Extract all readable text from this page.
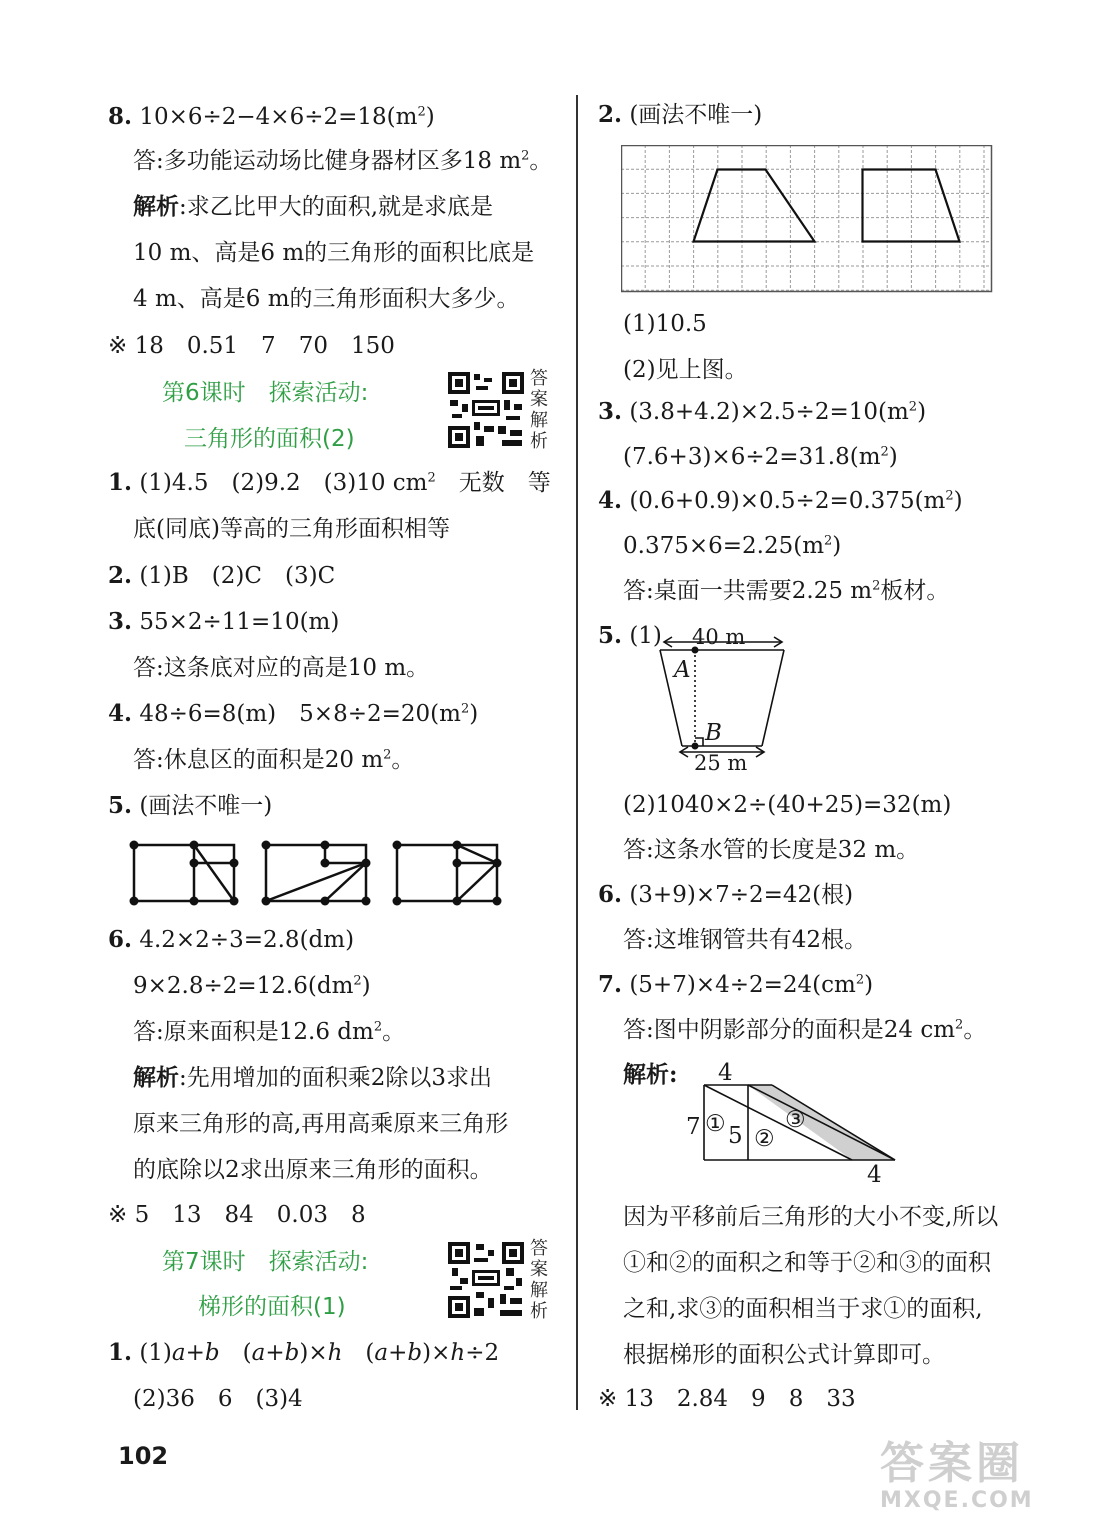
8. $10\times 6\div 2-4\times 6\div 2=18(m^2)$
答:多功能运动场比健身器材区多18 $m^2$。
解析:求乙比甲大的面积,就是求底是
10 m、高是6 m的三角形的面积比底是
4 m、高是6 m的三角形面积大多少。
※ 18　0.51　7　70　150
第6课时　探索活动:
三角形的面积(2)
答案解析
1. (1)4.5　(2)9.2　(3)10 $cm^2$　无数　等
底(同底)等高的三角形面积相等
2. (1)B　(2)C　(3)C
3. 55×2÷11=10(m)
答:这条底对应的高是10 m。
4. 48÷6=8(m)　$5\times 8\div 2=20(m^2)$
答:休息区的面积是20 $m^2$。
5. (画法不唯一)
6. 4.2×2÷3=2.8(dm)
$9\times 2.8\div 2=12.6(dm^2)$
答:原来面积是12.6 $dm^2$。
解析:先用增加的面积乘2除以3求出
原来三角形的高,再用高乘原来三角形
的底除以2求出原来三角形的面积。
※ 5　13　84　0.03　8
第7课时　探索活动:
梯形的面积(1)
答案解析
1. (1)a+b　(a+b)×h　(a+b)×h÷2
(2)36　6　(3)4
2. (画法不唯一)
(1)10.5
(2)见上图。
3. $(3.8+4.2)\times 2.5\div 2=10(m^2)$
$(7.6+3)\times 6\div 2=31.8(m^2)$
4. $(0.6+0.9)\times 0.5\div 2=0.375(m^2)$
$0.375\times 6=2.25(m^2)$
答:桌面一共需要2.25 $m^2$板材。
5. (1) 40 m
A
B
25 m
(2)1040×2÷(40+25)=32(m)
答:这条水管的长度是32 m。
6. (3+9)×7÷2=42(根)
答:这堆钢管共有42根。
7. $(5+7)\times 4\div 2=24(cm^2)$
答:图中阴影部分的面积是24 $cm^2$。
解析: 4
7 ① 5 ②
③
4
因为平移前后三角形的大小不变,所以
①和②的面积之和等于②和③的面积
之和,求③的面积相当于求①的面积,
根据梯形的面积公式计算即可。
※ 13　2.84　9　8　33
102	答案圈
MXQE.COM
